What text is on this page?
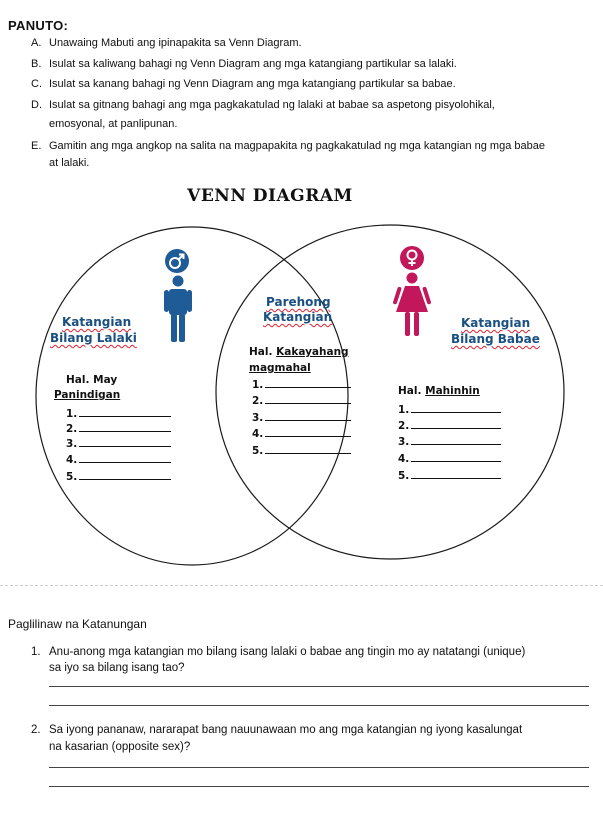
PANUTO:
A. Unawaing Mabuti ang ipinapakita sa Venn Diagram.
B. Isulat sa kaliwang bahagi ng Venn Diagram ang mga katangiang partikular sa lalaki.
C. Isulat sa kanang bahagi ng Venn Diagram ang mga katangiang partikular sa babae.
D. Isulat sa gitnang bahagi ang mga pagkakatulad ng lalaki at babae sa aspetong pisyolohikal,
emosyonal, at panlipunan.
E. Gamitin ang mga angkop na salita na magpapakita ng pagkakatulad ng mga katangian ng mga babae
at lalaki.
VENN DIAGRAM
Katangian
Bilang Lalaki
Hal. May
Panindigan
1.
2.
3.
4.
5.
Parehong
Katangian
Hal. Kakayahang
magmahal
1.
2.
3.
4.
5.
Katangian
Bilang Babae
Hal. Mahinhin
1.
2.
3.
4.
5.
Paglilinaw na Katanungan
1. Anu-anong mga katangian mo bilang isang lalaki o babae ang tingin mo ay natatangi (unique)
sa iyo sa bilang isang tao?
2. Sa iyong pananaw, nararapat bang nauunawaan mo ang mga katangian ng iyong kasalungat
na kasarian (opposite sex)?
